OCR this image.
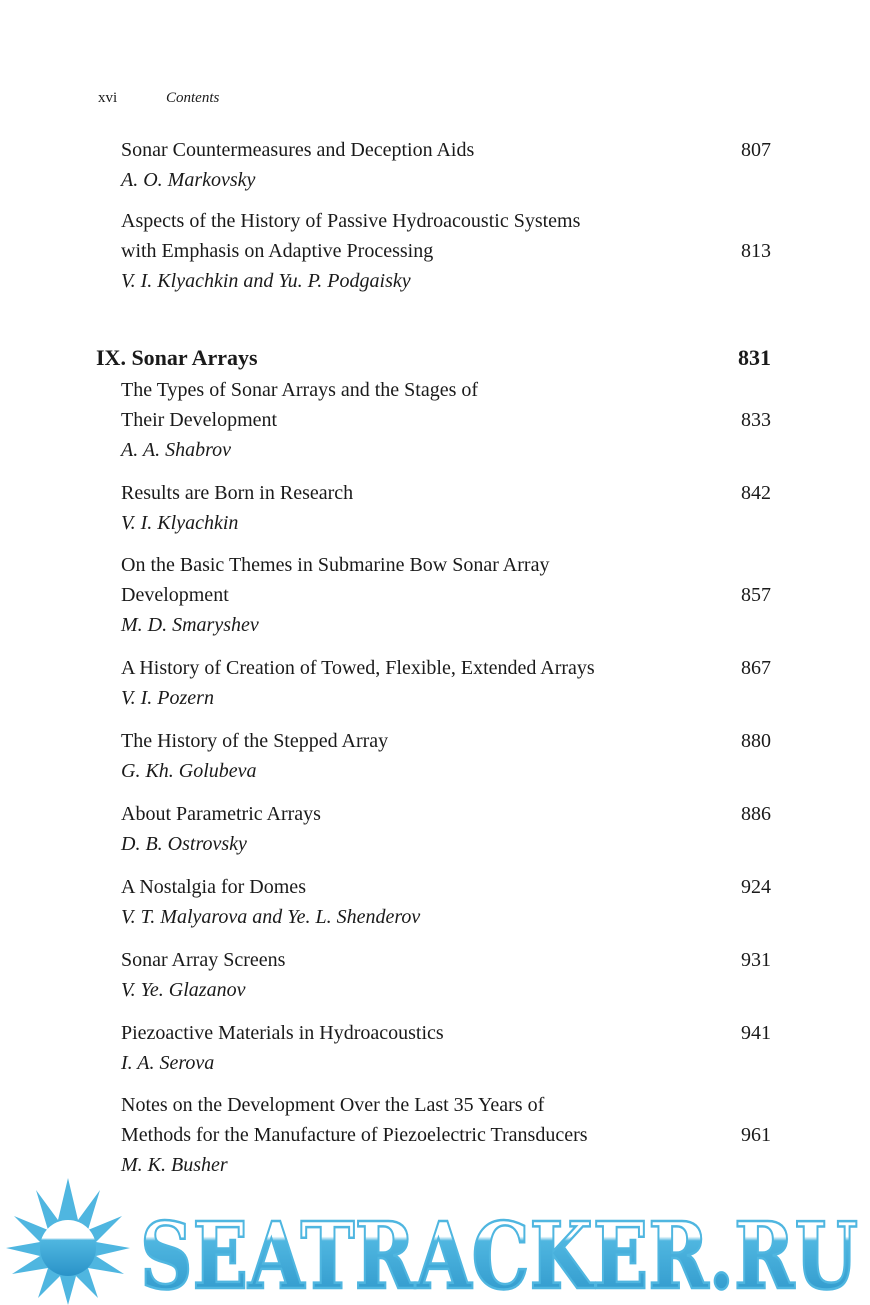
xvi	Contents
Sonar Countermeasures and Deception Aids	807
A. O. Markovsky
Aspects of the History of Passive Hydroacoustic Systems
with Emphasis on Adaptive Processing	813
V. I. Klyachkin and Yu. P. Podgaisky
IX. Sonar Arrays	831
The Types of Sonar Arrays and the Stages of
Their Development	833
A. A. Shabrov
Results are Born in Research	842
V. I. Klyachkin
On the Basic Themes in Submarine Bow Sonar Array
Development	857
M. D. Smaryshev
A History of Creation of Towed, Flexible, Extended Arrays	867
V. I. Pozern
The History of the Stepped Array	880
G. Kh. Golubeva
About Parametric Arrays	886
D. B. Ostrovsky
A Nostalgia for Domes	924
V. T. Malyarova and Ye. L. Shenderov
Sonar Array Screens	931
V. Ye. Glazanov
Piezoactive Materials in Hydroacoustics	941
I. A. Serova
Notes on the Development Over the Last 35 Years of
Methods for the Manufacture of Piezoelectric Transducers	961
M. K. Busher
SEATRACKER.RU
